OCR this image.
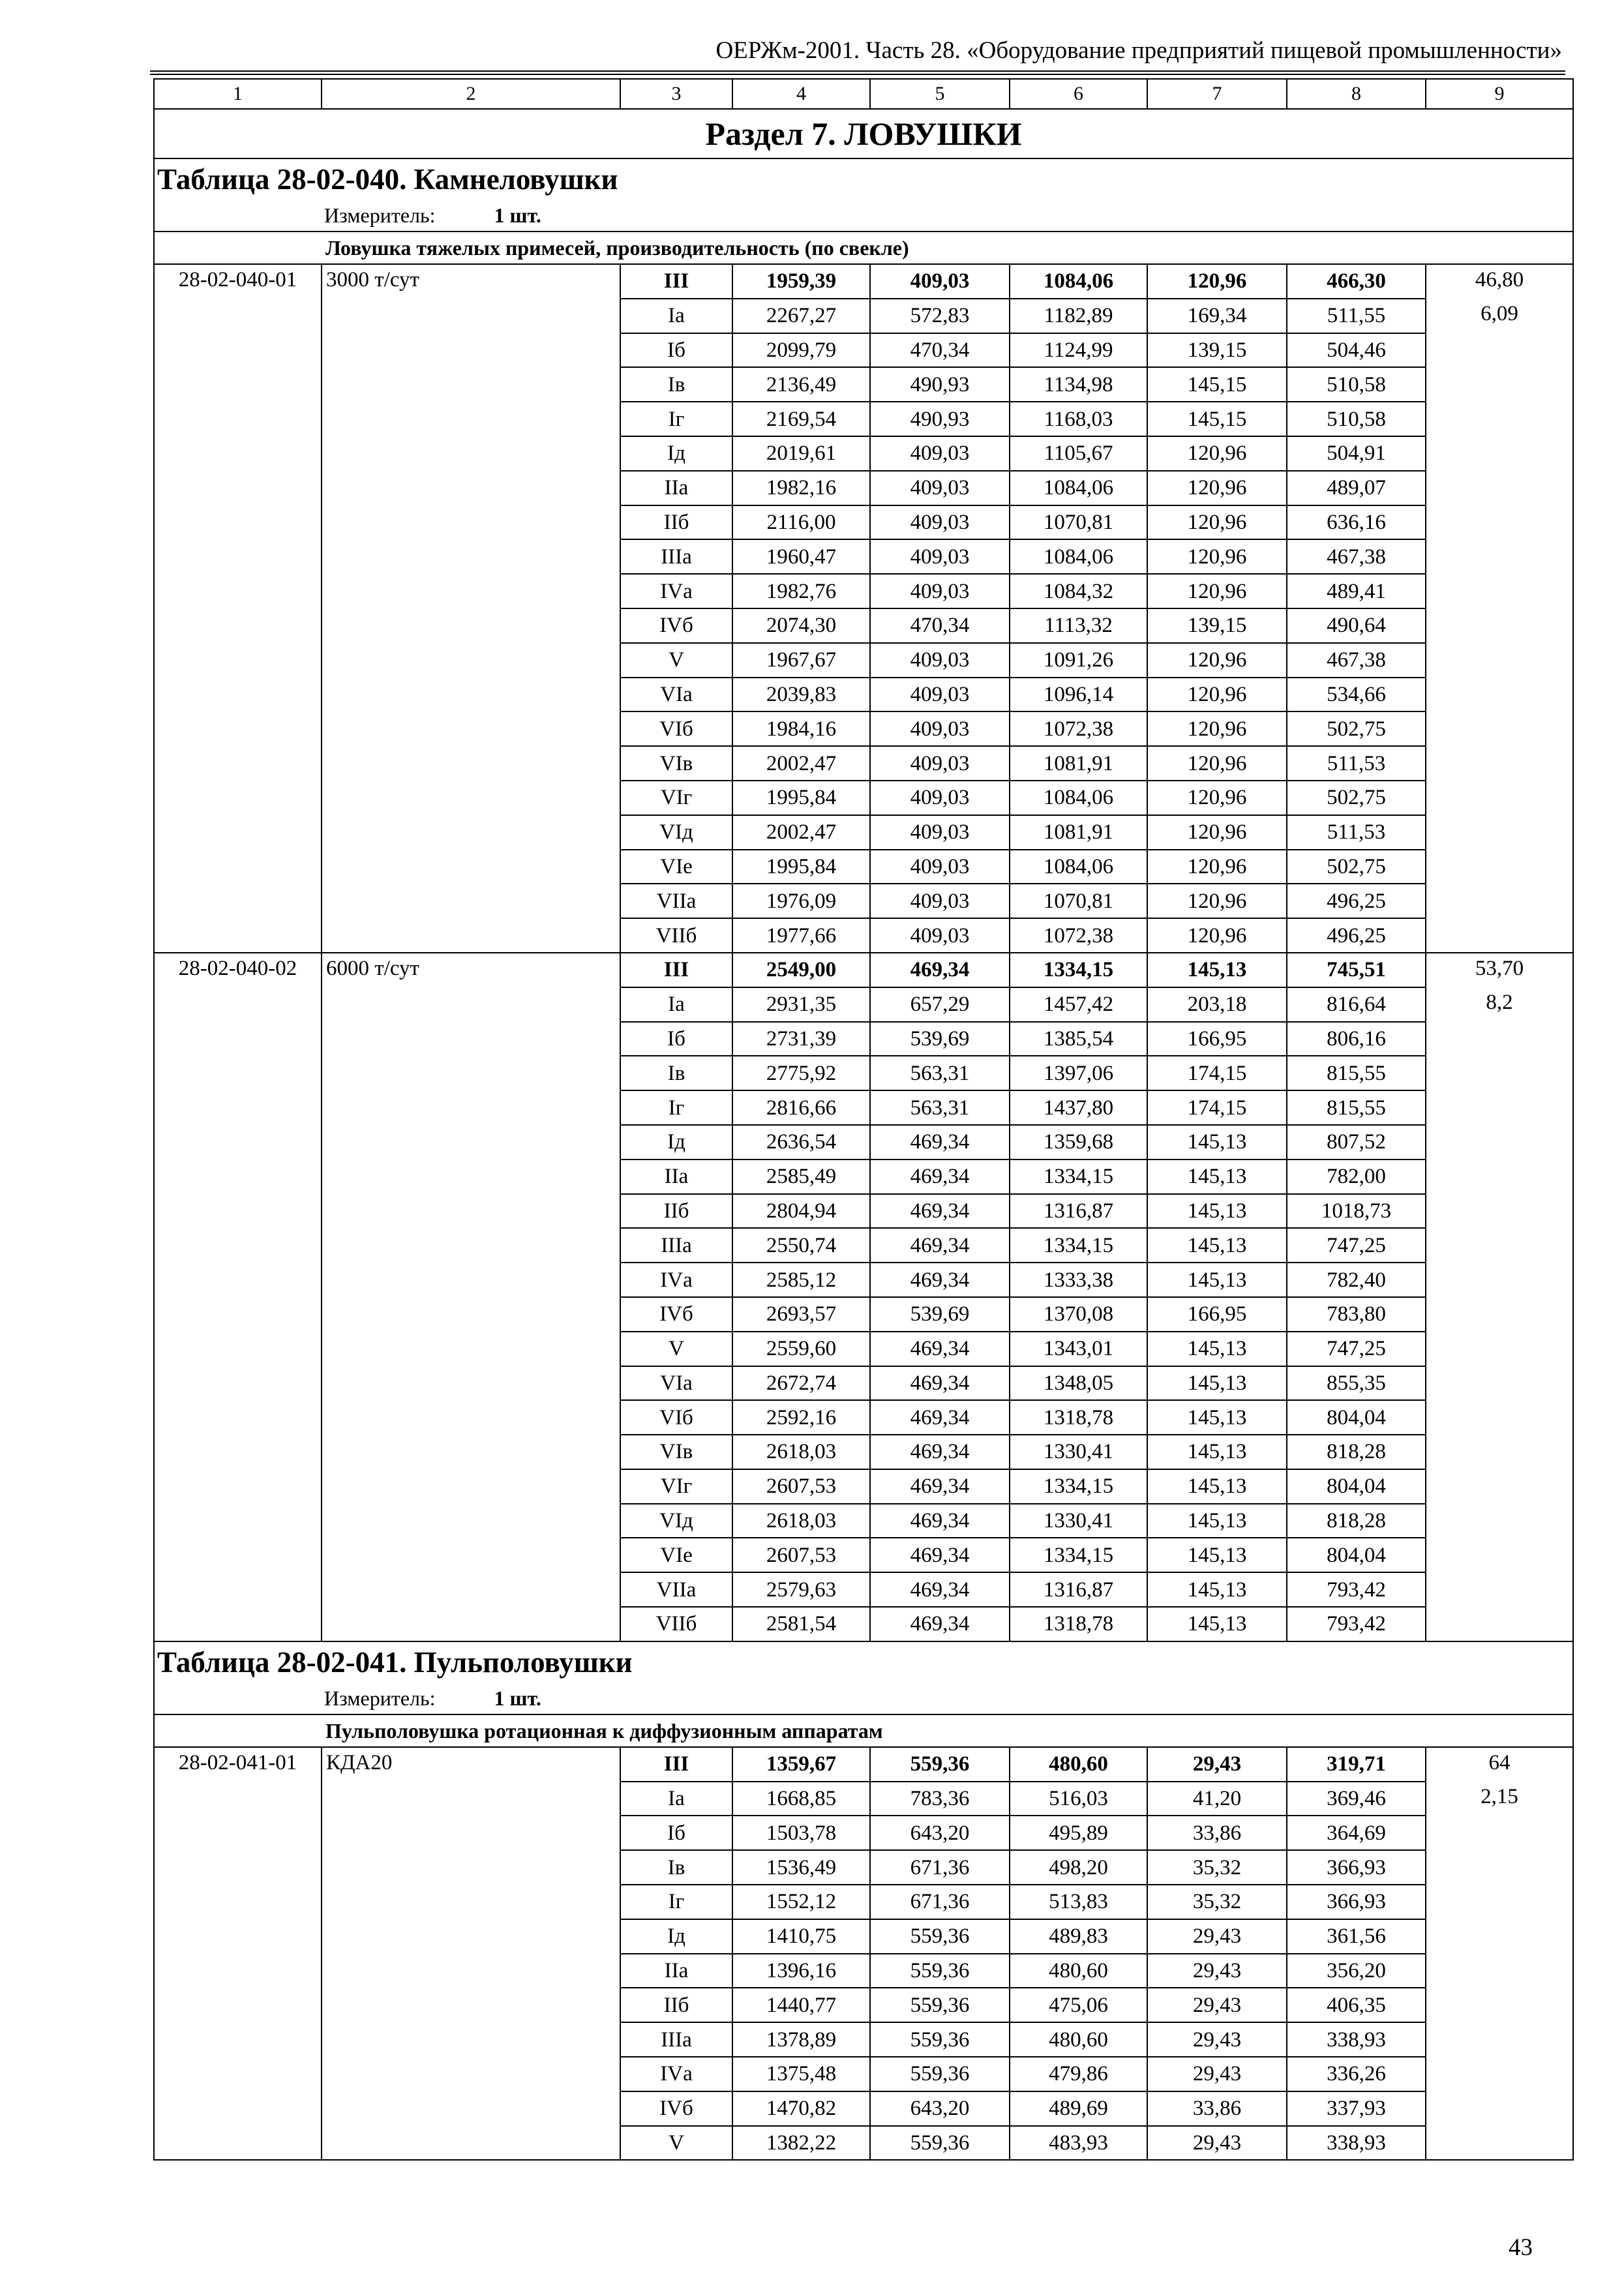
ОЕРЖм-2001. Часть 28. «Оборудование предприятий пищевой промышленности»
1	2	3	4	5	6	7	8	9
Раздел 7. ЛОВУШКИ								
Таблица 28-02-040. Камнеловушки								
Измеритель: 1 шт.								
Ловушка тяжелых примесей, производительность (по свекле)								
28-02-040-01	3000 т/сут	III	1959,39	409,03	1084,06	120,96	466,30	46,80
		Iа	2267,27	572,83	1182,89	169,34	511,55	6,09
		Iб	2099,79	470,34	1124,99	139,15	504,46	
		Iв	2136,49	490,93	1134,98	145,15	510,58	
		Iг	2169,54	490,93	1168,03	145,15	510,58	
		Iд	2019,61	409,03	1105,67	120,96	504,91	
		IIа	1982,16	409,03	1084,06	120,96	489,07	
		IIб	2116,00	409,03	1070,81	120,96	636,16	
		IIIа	1960,47	409,03	1084,06	120,96	467,38	
		IVа	1982,76	409,03	1084,32	120,96	489,41	
		IVб	2074,30	470,34	1113,32	139,15	490,64	
		V	1967,67	409,03	1091,26	120,96	467,38	
		VIа	2039,83	409,03	1096,14	120,96	534,66	
		VIб	1984,16	409,03	1072,38	120,96	502,75	
		VIв	2002,47	409,03	1081,91	120,96	511,53	
		VIг	1995,84	409,03	1084,06	120,96	502,75	
		VIд	2002,47	409,03	1081,91	120,96	511,53	
		VIе	1995,84	409,03	1084,06	120,96	502,75	
		VIIа	1976,09	409,03	1070,81	120,96	496,25	
		VIIб	1977,66	409,03	1072,38	120,96	496,25	
28-02-040-02	6000 т/сут	III	2549,00	469,34	1334,15	145,13	745,51	53,70
		Iа	2931,35	657,29	1457,42	203,18	816,64	8,2
		Iб	2731,39	539,69	1385,54	166,95	806,16	
		Iв	2775,92	563,31	1397,06	174,15	815,55	
		Iг	2816,66	563,31	1437,80	174,15	815,55	
		Iд	2636,54	469,34	1359,68	145,13	807,52	
		IIа	2585,49	469,34	1334,15	145,13	782,00	
		IIб	2804,94	469,34	1316,87	145,13	1018,73	
		IIIа	2550,74	469,34	1334,15	145,13	747,25	
		IVа	2585,12	469,34	1333,38	145,13	782,40	
		IVб	2693,57	539,69	1370,08	166,95	783,80	
		V	2559,60	469,34	1343,01	145,13	747,25	
		VIа	2672,74	469,34	1348,05	145,13	855,35	
		VIб	2592,16	469,34	1318,78	145,13	804,04	
		VIв	2618,03	469,34	1330,41	145,13	818,28	
		VIг	2607,53	469,34	1334,15	145,13	804,04	
		VIд	2618,03	469,34	1330,41	145,13	818,28	
		VIе	2607,53	469,34	1334,15	145,13	804,04	
		VIIа	2579,63	469,34	1316,87	145,13	793,42	
		VIIб	2581,54	469,34	1318,78	145,13	793,42	
Таблица 28-02-041. Пульполовушки								
Измеритель: 1 шт.								
Пульполовушка ротационная к диффузионным аппаратам								
28-02-041-01	КДА20	III	1359,67	559,36	480,60	29,43	319,71	64
		Iа	1668,85	783,36	516,03	41,20	369,46	2,15
		Iб	1503,78	643,20	495,89	33,86	364,69	
		Iв	1536,49	671,36	498,20	35,32	366,93	
		Iг	1552,12	671,36	513,83	35,32	366,93	
		Iд	1410,75	559,36	489,83	29,43	361,56	
		IIа	1396,16	559,36	480,60	29,43	356,20	
		IIб	1440,77	559,36	475,06	29,43	406,35	
		IIIа	1378,89	559,36	480,60	29,43	338,93	
		IVа	1375,48	559,36	479,86	29,43	336,26	
		IVб	1470,82	643,20	489,69	33,86	337,93	
		V	1382,22	559,36	483,93	29,43	338,93	
43
